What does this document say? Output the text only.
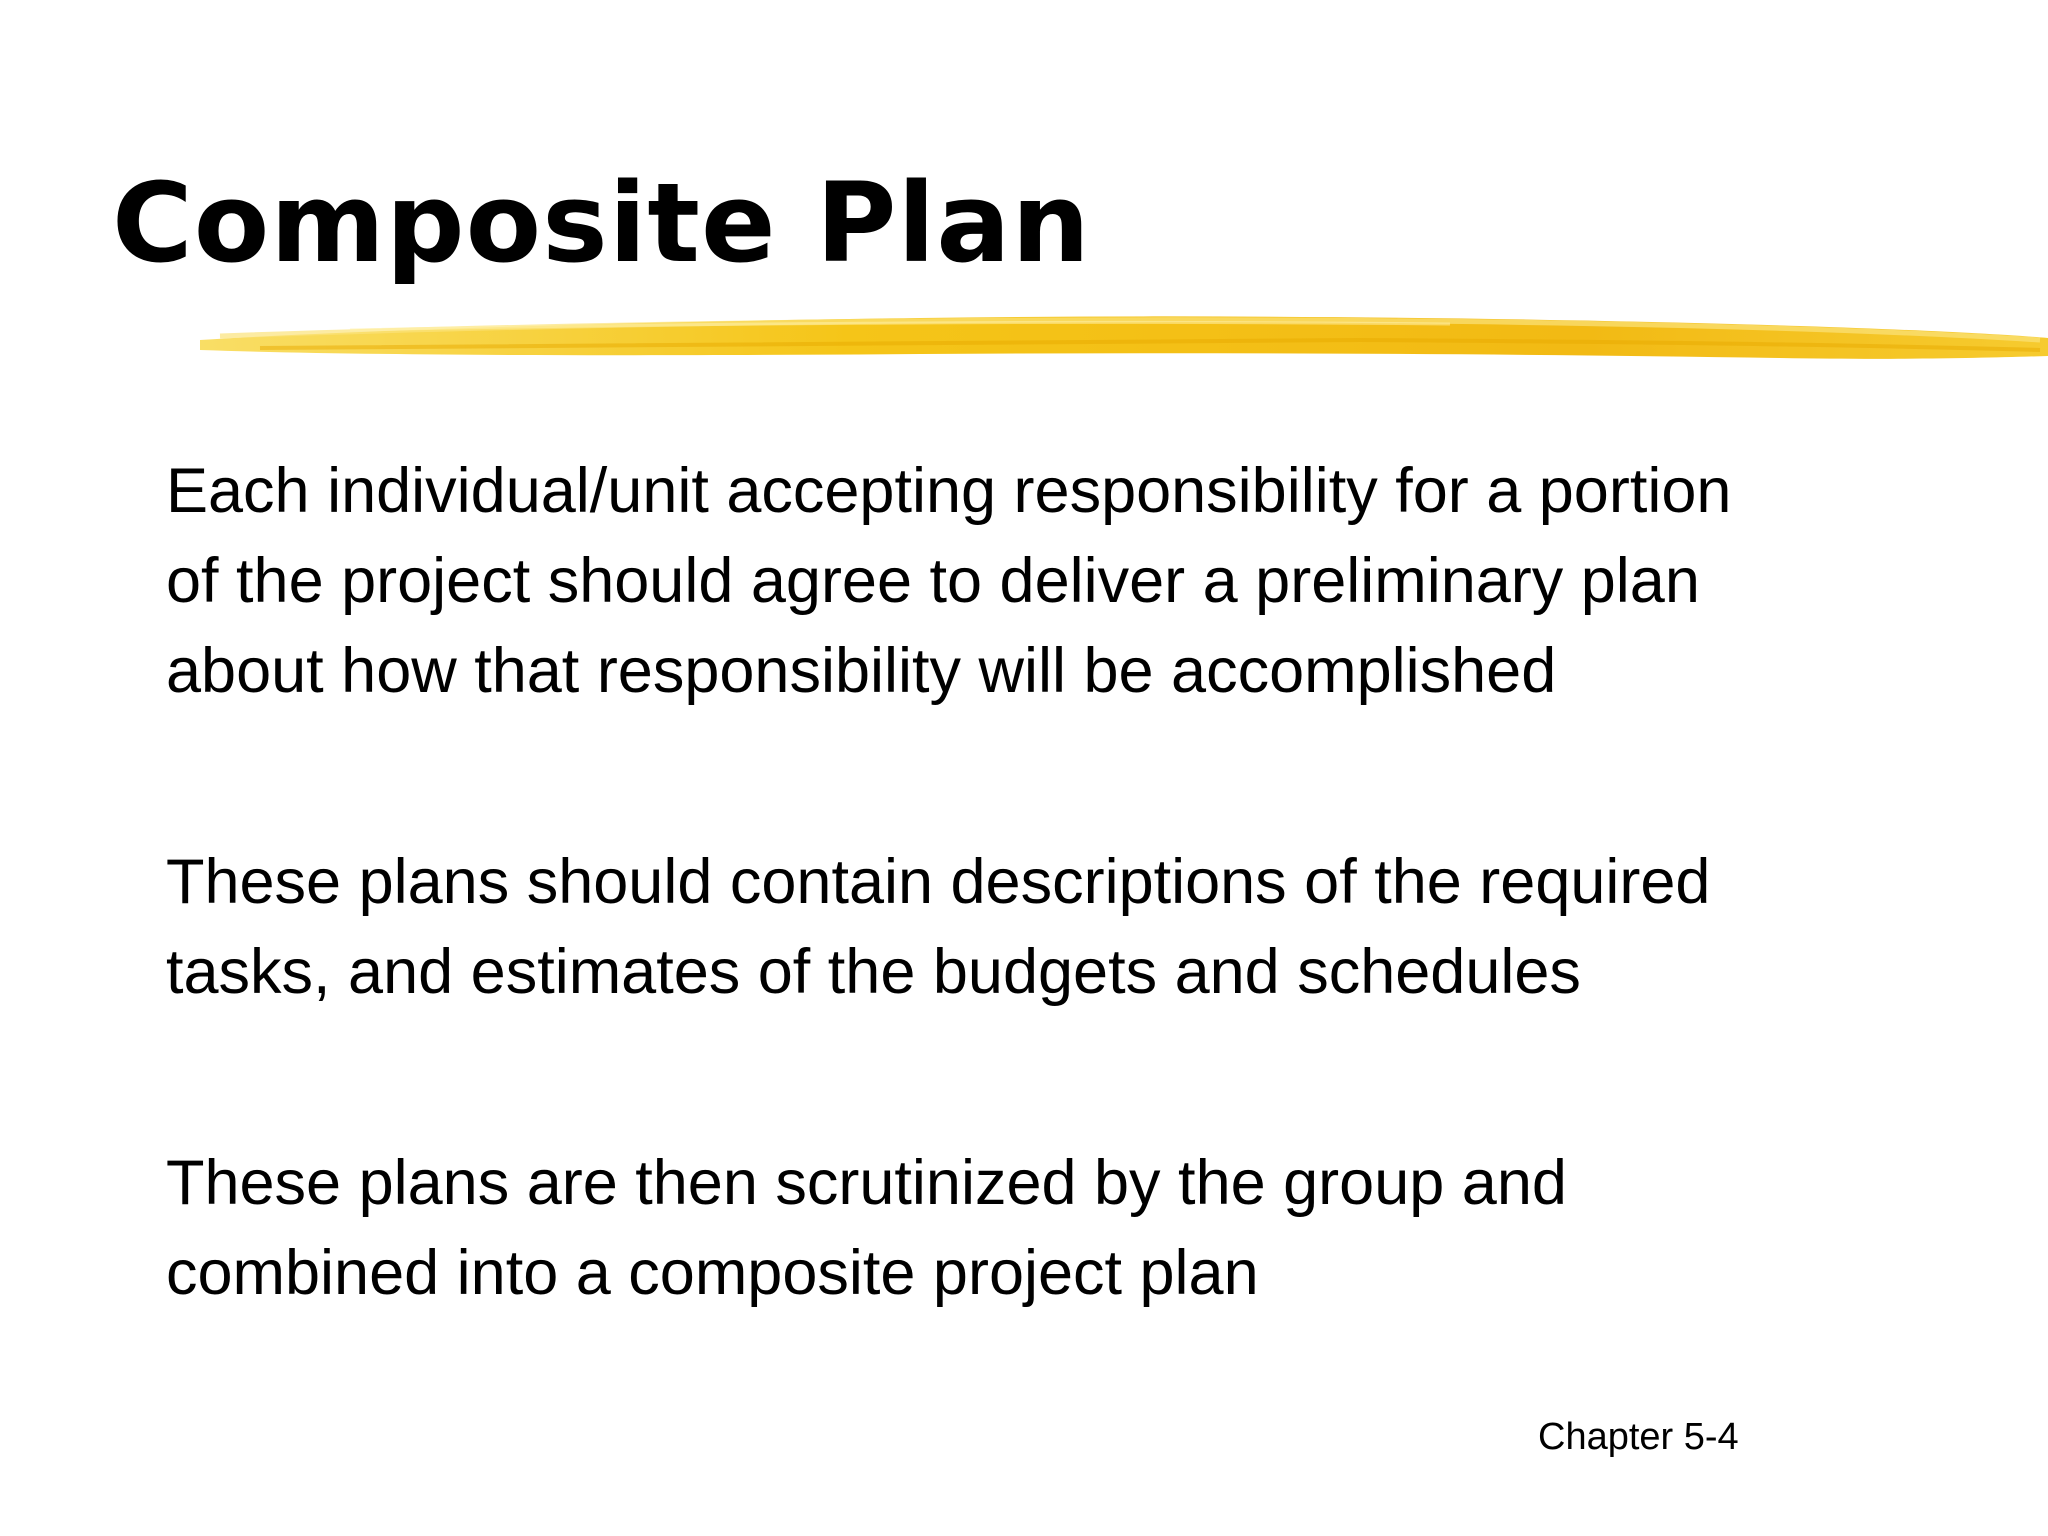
Composite Plan

Each individual/unit accepting responsibility for a portion
of the project should agree to deliver a preliminary plan
about how that responsibility will be accomplished

These plans should contain descriptions of the required
tasks, and estimates of the budgets and schedules

These plans are then scrutinized by the group and
combined into a composite project plan

Chapter 5-4
